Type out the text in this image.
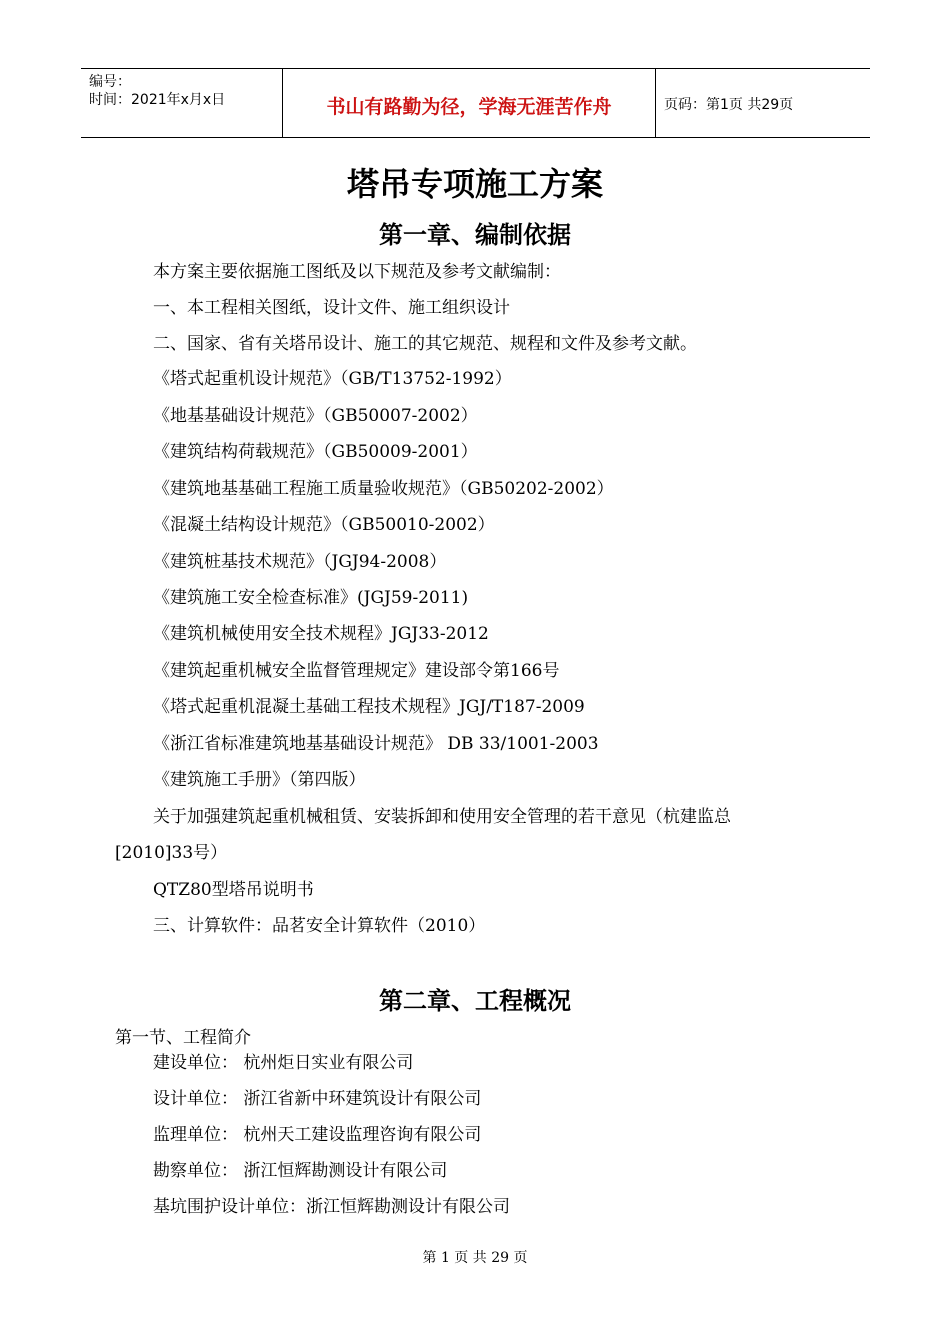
编号：
时间：2021年x月x日	书山有路勤为径，学海无涯苦作舟	页码：第1页 共29页
塔吊专项施工方案
第一章、编制依据
本方案主要依据施工图纸及以下规范及参考文献编制：
一、本工程相关图纸，设计文件、施工组织设计
二、国家、省有关塔吊设计、施工的其它规范、规程和文件及参考文献。
《塔式起重机设计规范》（GB/T13752-1992）
《地基基础设计规范》（GB50007-2002）
《建筑结构荷载规范》（GB50009-2001）
《建筑地基基础工程施工质量验收规范》（GB50202-2002）
《混凝土结构设计规范》（GB50010-2002）
《建筑桩基技术规范》（JGJ94-2008）
《建筑施工安全检查标准》(JGJ59-2011)
《建筑机械使用安全技术规程》JGJ33-2012
《建筑起重机械安全监督管理规定》建设部令第166号
《塔式起重机混凝土基础工程技术规程》JGJ/T187-2009
《浙江省标准建筑地基基础设计规范》 DB 33/1001-2003
《建筑施工手册》（第四版）
关于加强建筑起重机械租赁、安装拆卸和使用安全管理的若干意见（杭建监总
[2010]33号）
QTZ80型塔吊说明书
三、计算软件：品茗安全计算软件（2010）
第二章、工程概况
第一节、工程简介
建设单位： 杭州炬日实业有限公司
设计单位： 浙江省新中环建筑设计有限公司
监理单位： 杭州天工建设监理咨询有限公司
勘察单位： 浙江恒辉勘测设计有限公司
基坑围护设计单位：浙江恒辉勘测设计有限公司
第 1 页 共 29 页
